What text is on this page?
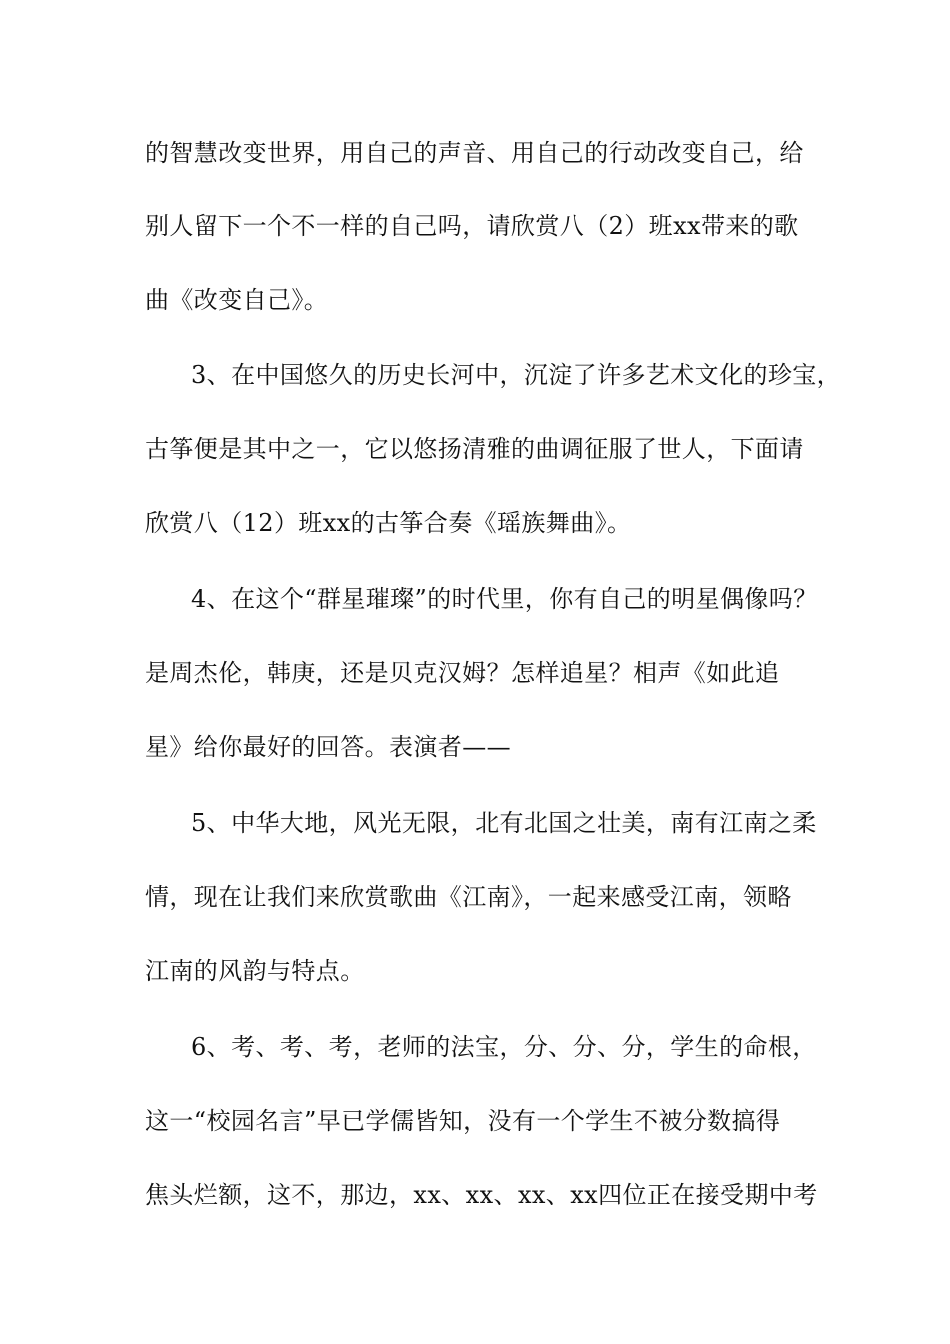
的智慧改变世界，用自己的声音、用自己的行动改变自己，给
别人留下一个不一样的自己吗，请欣赏八（2）班xx带来的歌
曲《改变自己》。
3、在中国悠久的历史长河中，沉淀了许多艺术文化的珍宝，
古筝便是其中之一，它以悠扬清雅的曲调征服了世人，下面请
欣赏八（12）班xx的古筝合奏《瑶族舞曲》。
4、在这个“群星璀璨”的时代里，你有自己的明星偶像吗？
是周杰伦，韩庚，还是贝克汉姆？怎样追星？相声《如此追
星》给你最好的回答。表演者——
5、中华大地，风光无限，北有北国之壮美，南有江南之柔
情，现在让我们来欣赏歌曲《江南》，一起来感受江南，领略
江南的风韵与特点。
6、考、考、考，老师的法宝，分、分、分，学生的命根，
这一“校园名言”早已学儒皆知，没有一个学生不被分数搞得
焦头烂额，这不，那边，xx、xx、xx、xx四位正在接受期中考
